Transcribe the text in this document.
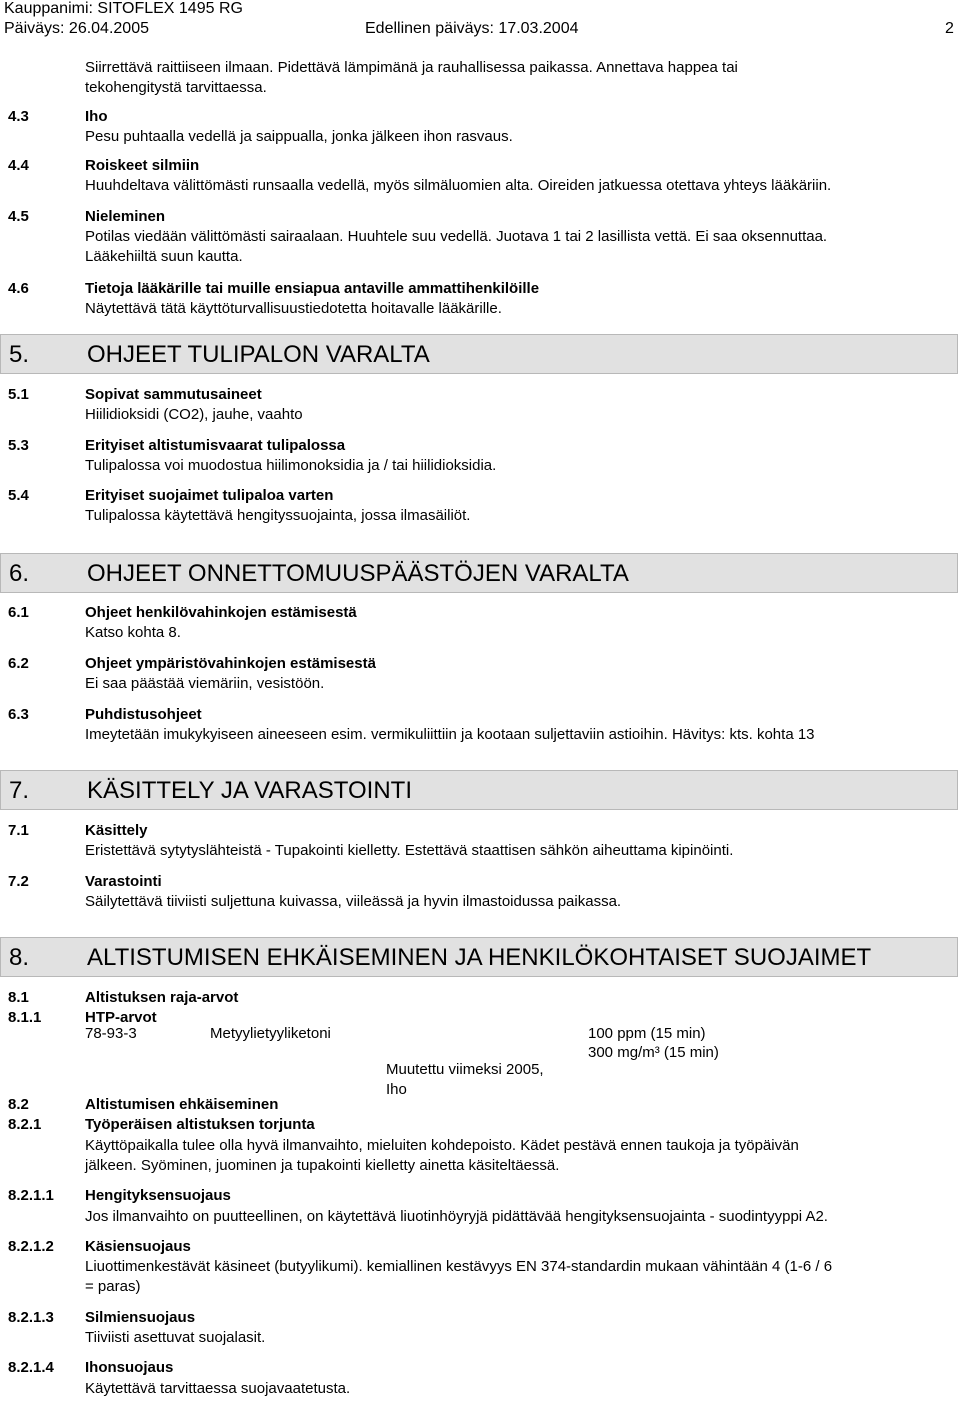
Kauppanimi: SITOFLEX 1495 RG
Päiväys: 26.04.2005	Edellinen päiväys: 17.03.2004	2
Siirrettävä raittiiseen ilmaan. Pidettävä lämpimänä ja rauhallisessa paikassa. Annettava happea tai
tekohengitystä tarvittaessa.
4.3	Iho
Pesu puhtaalla vedellä ja saippualla, jonka jälkeen ihon rasvaus.
4.4	Roiskeet silmiin
Huuhdeltava välittömästi runsaalla vedellä, myös silmäluomien alta. Oireiden jatkuessa otettava yhteys lääkäriin.
4.5	Nieleminen
Potilas viedään välittömästi sairaalaan. Huuhtele suu vedellä. Juotava 1 tai 2 lasillista vettä. Ei saa oksennuttaa.
Lääkehiiltä suun kautta.
4.6	Tietoja lääkärille tai muille ensiapua antaville ammattihenkilöille
Näytettävä tätä käyttöturvallisuustiedotetta hoitavalle lääkärille.
5. OHJEET TULIPALON VARALTA
5.1	Sopivat sammutusaineet
Hiilidioksidi (CO2), jauhe, vaahto
5.3	Erityiset altistumisvaarat tulipalossa
Tulipalossa voi muodostua hiilimonoksidia ja / tai hiilidioksidia.
5.4	Erityiset suojaimet tulipaloa varten
Tulipalossa käytettävä hengityssuojainta, jossa ilmasäiliöt.
6. OHJEET ONNETTOMUUSPÄÄSTÖJEN VARALTA
6.1	Ohjeet henkilövahinkojen estämisestä
Katso kohta 8.
6.2	Ohjeet ympäristövahinkojen estämisestä
Ei saa päästää viemäriin, vesistöön.
6.3	Puhdistusohjeet
Imeytetään imukykyiseen aineeseen esim. vermikuliittiin ja kootaan suljettaviin astioihin. Hävitys: kts. kohta 13
7. KÄSITTELY JA VARASTOINTI
7.1	Käsittely
Eristettävä sytytyslähteistä - Tupakointi kielletty. Estettävä staattisen sähkön aiheuttama kipinöinti.
7.2	Varastointi
Säilytettävä tiiviisti suljettuna kuivassa, viileässä ja hyvin ilmastoidussa paikassa.
8. ALTISTUMISEN EHKÄISEMINEN JA HENKILÖKOHTAISET SUOJAIMET
8.1	Altistuksen raja-arvot
8.1.1	HTP-arvot
78-93-3	Metyylietyyliketoni	100 ppm (15 min)
300 mg/m³ (15 min)
Muutettu viimeksi 2005,
Iho
8.2	Altistumisen ehkäiseminen
8.2.1	Työperäisen altistuksen torjunta
Käyttöpaikalla tulee olla hyvä ilmanvaihto, mieluiten kohdepoisto. Kädet pestävä ennen taukoja ja työpäivän
jälkeen. Syöminen, juominen ja tupakointi kielletty ainetta käsiteltäessä.
8.2.1.1 Hengityksensuojaus
Jos ilmanvaihto on puutteellinen, on käytettävä liuotinhöyryjä pidättävää hengityksensuojainta - suodintyyppi A2.
8.2.1.2 Käsiensuojaus
Liuottimenkestävät käsineet (butyylikumi). kemiallinen kestävyys EN 374-standardin mukaan vähintään 4 (1-6 / 6
= paras)
8.2.1.3 Silmiensuojaus
Tiiviisti asettuvat suojalasit.
8.2.1.4 Ihonsuojaus
Käytettävä tarvittaessa suojavaatetusta.
